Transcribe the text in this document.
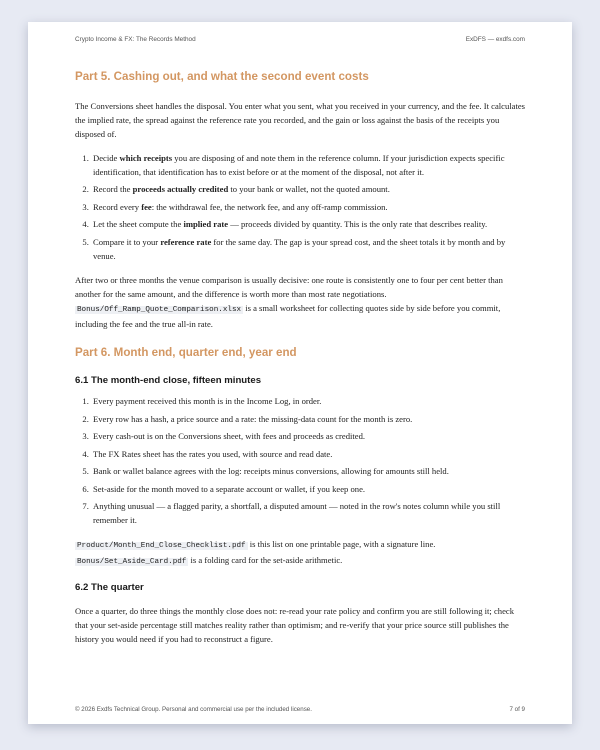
Crypto Income & FX: The Records Method	ExDFS — exdfs.com
Part 5. Cashing out, and what the second event costs

The Conversions sheet handles the disposal. You enter what you sent, what you received in your currency, and the fee. It calculates the implied rate, the spread against the reference rate you recorded, and the gain or loss against the basis of the receipts you disposed of.

1. Decide which receipts you are disposing of and note them in the reference column. If your jurisdiction expects specific identification, that identification has to exist before or at the moment of the disposal, not after it.
2. Record the proceeds actually credited to your bank or wallet, not the quoted amount.
3. Record every fee: the withdrawal fee, the network fee, and any off-ramp commission.
4. Let the sheet compute the implied rate — proceeds divided by quantity. This is the only rate that describes reality.
5. Compare it to your reference rate for the same day. The gap is your spread cost, and the sheet totals it by month and by venue.

After two or three months the venue comparison is usually decisive: one route is consistently one to four per cent better than another for the same amount, and the difference is worth more than most rate negotiations. Bonus/Off_Ramp_Quote_Comparison.xlsx is a small worksheet for collecting quotes side by side before you commit, including the fee and the true all-in rate.

Part 6. Month end, quarter end, year end
6.1 The month-end close, fifteen minutes
1. Every payment received this month is in the Income Log, in order.
2. Every row has a hash, a price source and a rate: the missing-data count for the month is zero.
3. Every cash-out is on the Conversions sheet, with fees and proceeds as credited.
4. The FX Rates sheet has the rates you used, with source and read date.
5. Bank or wallet balance agrees with the log: receipts minus conversions, allowing for amounts still held.
6. Set-aside for the month moved to a separate account or wallet, if you keep one.
7. Anything unusual — a flagged parity, a shortfall, a disputed amount — noted in the row's notes column while you still remember it.

Product/Month_End_Close_Checklist.pdf is this list on one printable page, with a signature line.
Bonus/Set_Aside_Card.pdf is a folding card for the set-aside arithmetic.

6.2 The quarter

Once a quarter, do three things the monthly close does not: re-read your rate policy and confirm you are still following it; check that your set-aside percentage still matches reality rather than optimism; and re-verify that your price source still publishes the history you would need if you had to reconstruct a figure.

© 2026 Exdfs Technical Group. Personal and commercial use per the included license.	7 of 9
